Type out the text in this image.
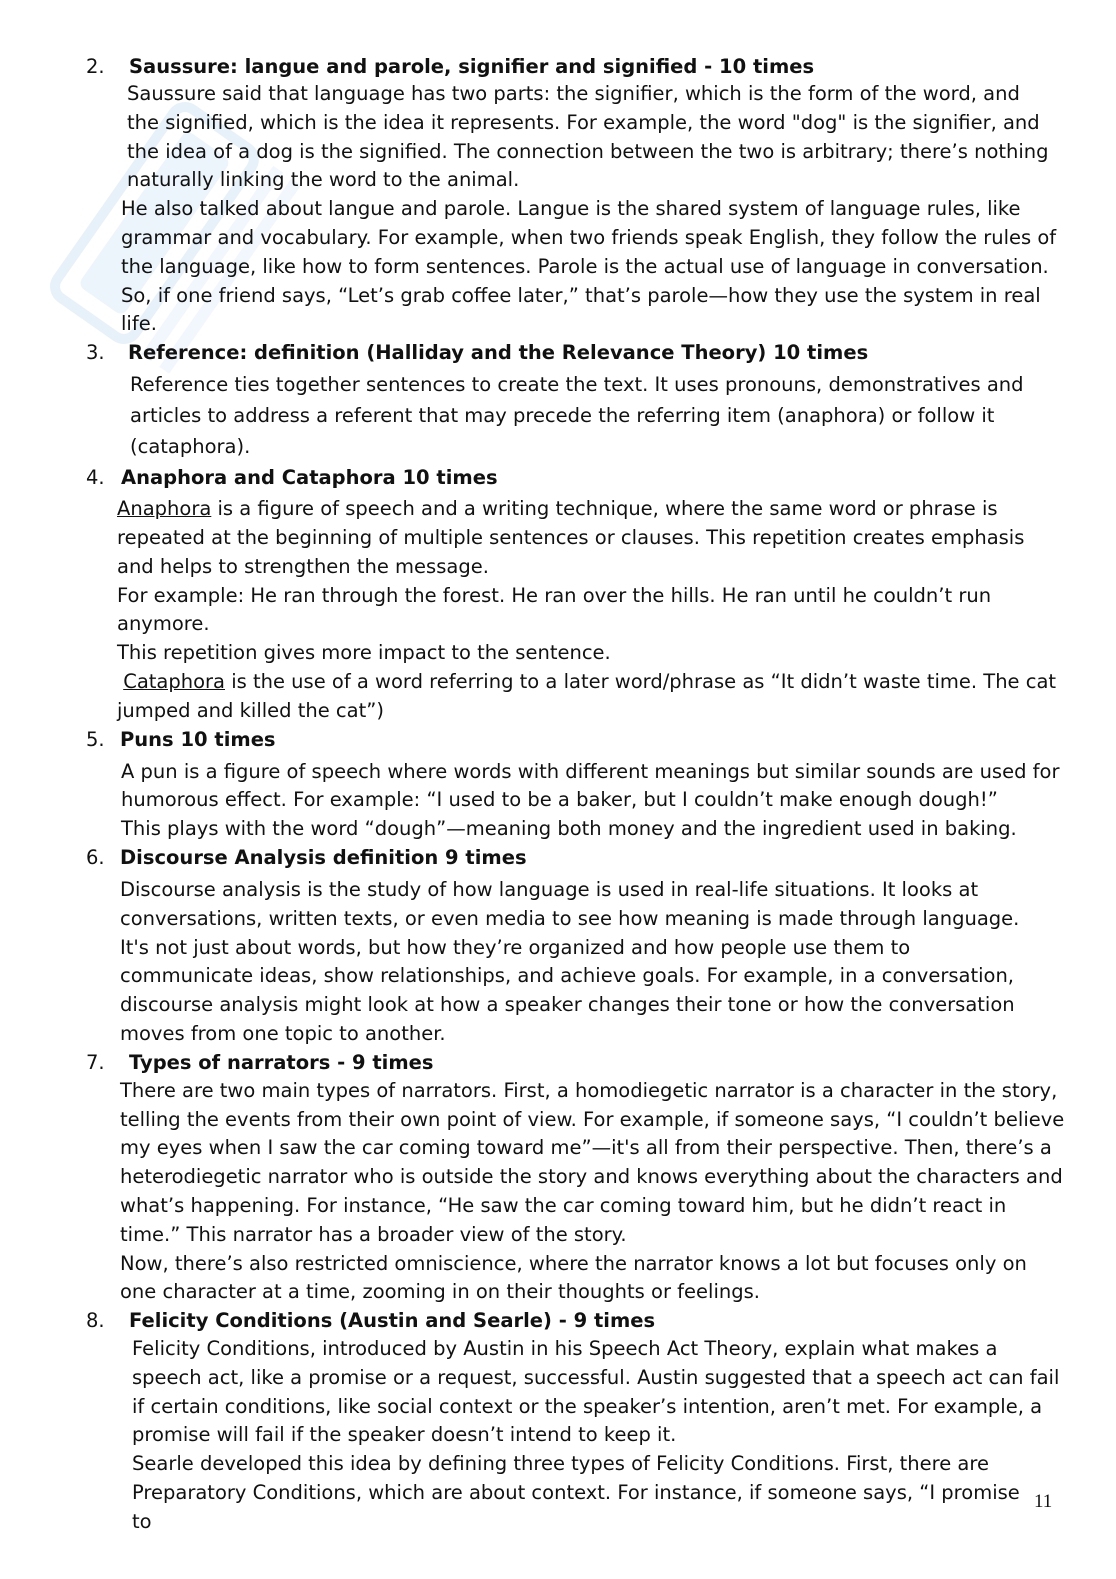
2.	Saussure: langue and parole, signifier and signified - 10 times

Saussure said that language has two parts: the signifier, which is the form of the word, and the signified, which is the idea it represents. For example, the word "dog" is the signifier, and the idea of a dog is the signified. The connection between the two is arbitrary; there’s nothing naturally linking the word to the animal.

He also talked about langue and parole. Langue is the shared system of language rules, like grammar and vocabulary. For example, when two friends speak English, they follow the rules of the language, like how to form sentences. Parole is the actual use of language in conversation. So, if one friend says, “Let’s grab coffee later,” that’s parole—how they use the system in real life.

3.	Reference: definition (Halliday and the Relevance Theory) 10 times

Reference ties together sentences to create the text. It uses pronouns, demonstratives and articles to address a referent that may precede the referring item (anaphora) or follow it (cataphora).

4. Anaphora and Cataphora 10 times

Anaphora is a figure of speech and a writing technique, where the same word or phrase is repeated at the beginning of multiple sentences or clauses. This repetition creates emphasis and helps to strengthen the message.

For example: He ran through the forest. He ran over the hills. He ran until he couldn’t run anymore.

This repetition gives more impact to the sentence.

Cataphora is the use of a word referring to a later word/phrase as “It didn’t waste time. The cat jumped and killed the cat”)

5. Puns 10 times

A pun is a figure of speech where words with different meanings but similar sounds are used for humorous effect. For example: “I used to be a baker, but I couldn’t make enough dough!”

This plays with the word “dough”—meaning both money and the ingredient used in baking.

6. Discourse Analysis definition 9 times

Discourse analysis is the study of how language is used in real-life situations. It looks at conversations, written texts, or even media to see how meaning is made through language. It's not just about words, but how they’re organized and how people use them to communicate ideas, show relationships, and achieve goals. For example, in a conversation, discourse analysis might look at how a speaker changes their tone or how the conversation moves from one topic to another.

7.	Types of narrators - 9 times

There are two main types of narrators. First, a homodiegetic narrator is a character in the story, telling the events from their own point of view. For example, if someone says, “I couldn’t believe my eyes when I saw the car coming toward me”—it's all from their perspective. Then, there’s a heterodiegetic narrator who is outside the story and knows everything about the characters and what’s happening. For instance, “He saw the car coming toward him, but he didn’t react in time.” This narrator has a broader view of the story.

Now, there’s also restricted omniscience, where the narrator knows a lot but focuses only on one character at a time, zooming in on their thoughts or feelings.

8.	Felicity Conditions (Austin and Searle) - 9 times

Felicity Conditions, introduced by Austin in his Speech Act Theory, explain what makes a speech act, like a promise or a request, successful. Austin suggested that a speech act can fail if certain conditions, like social context or the speaker’s intention, aren’t met. For example, a promise will fail if the speaker doesn’t intend to keep it.

Searle developed this idea by defining three types of Felicity Conditions. First, there are Preparatory Conditions, which are about context. For instance, if someone says, “I promise to

11
